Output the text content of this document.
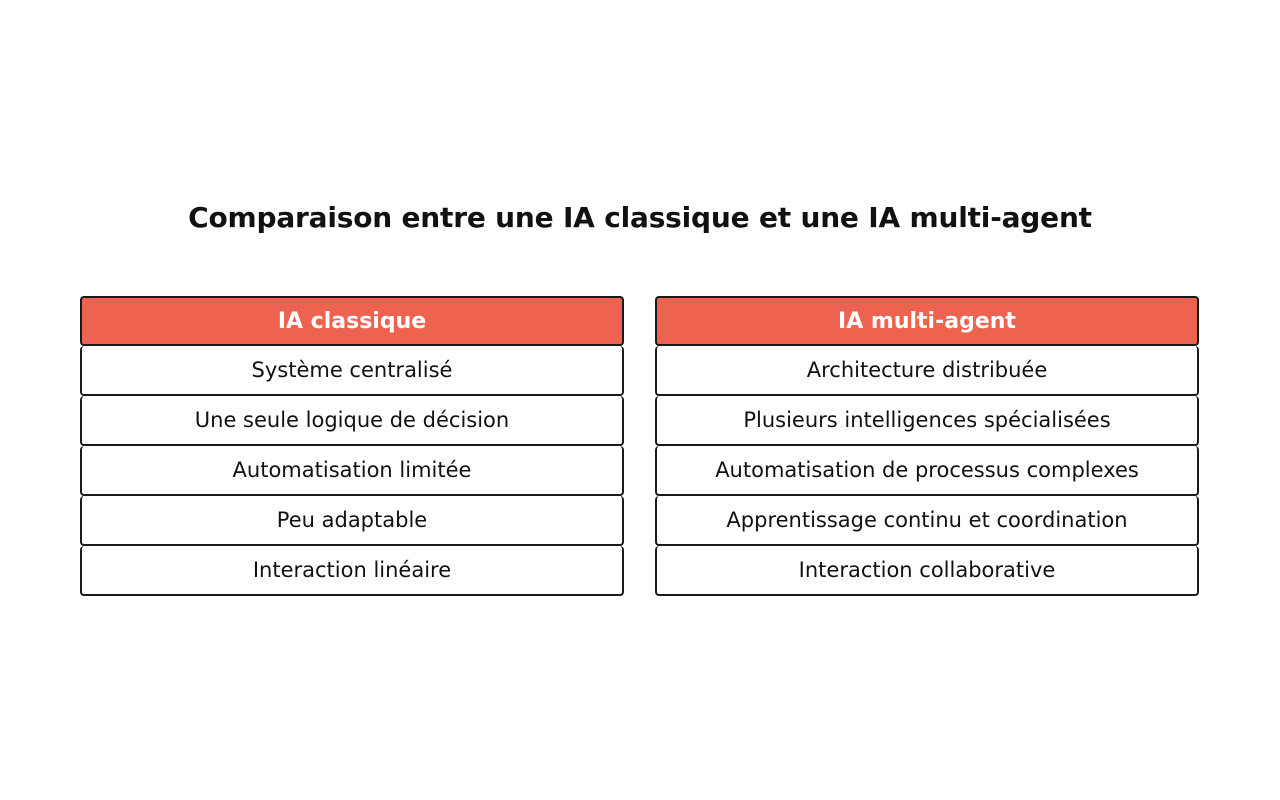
Comparaison entre une IA classique et une IA multi-agent
IA classique
Système centralisé
Une seule logique de décision
Automatisation limitée
Peu adaptable
Interaction linéaire
IA multi-agent
Architecture distribuée
Plusieurs intelligences spécialisées
Automatisation de processus complexes
Apprentissage continu et coordination
Interaction collaborative
